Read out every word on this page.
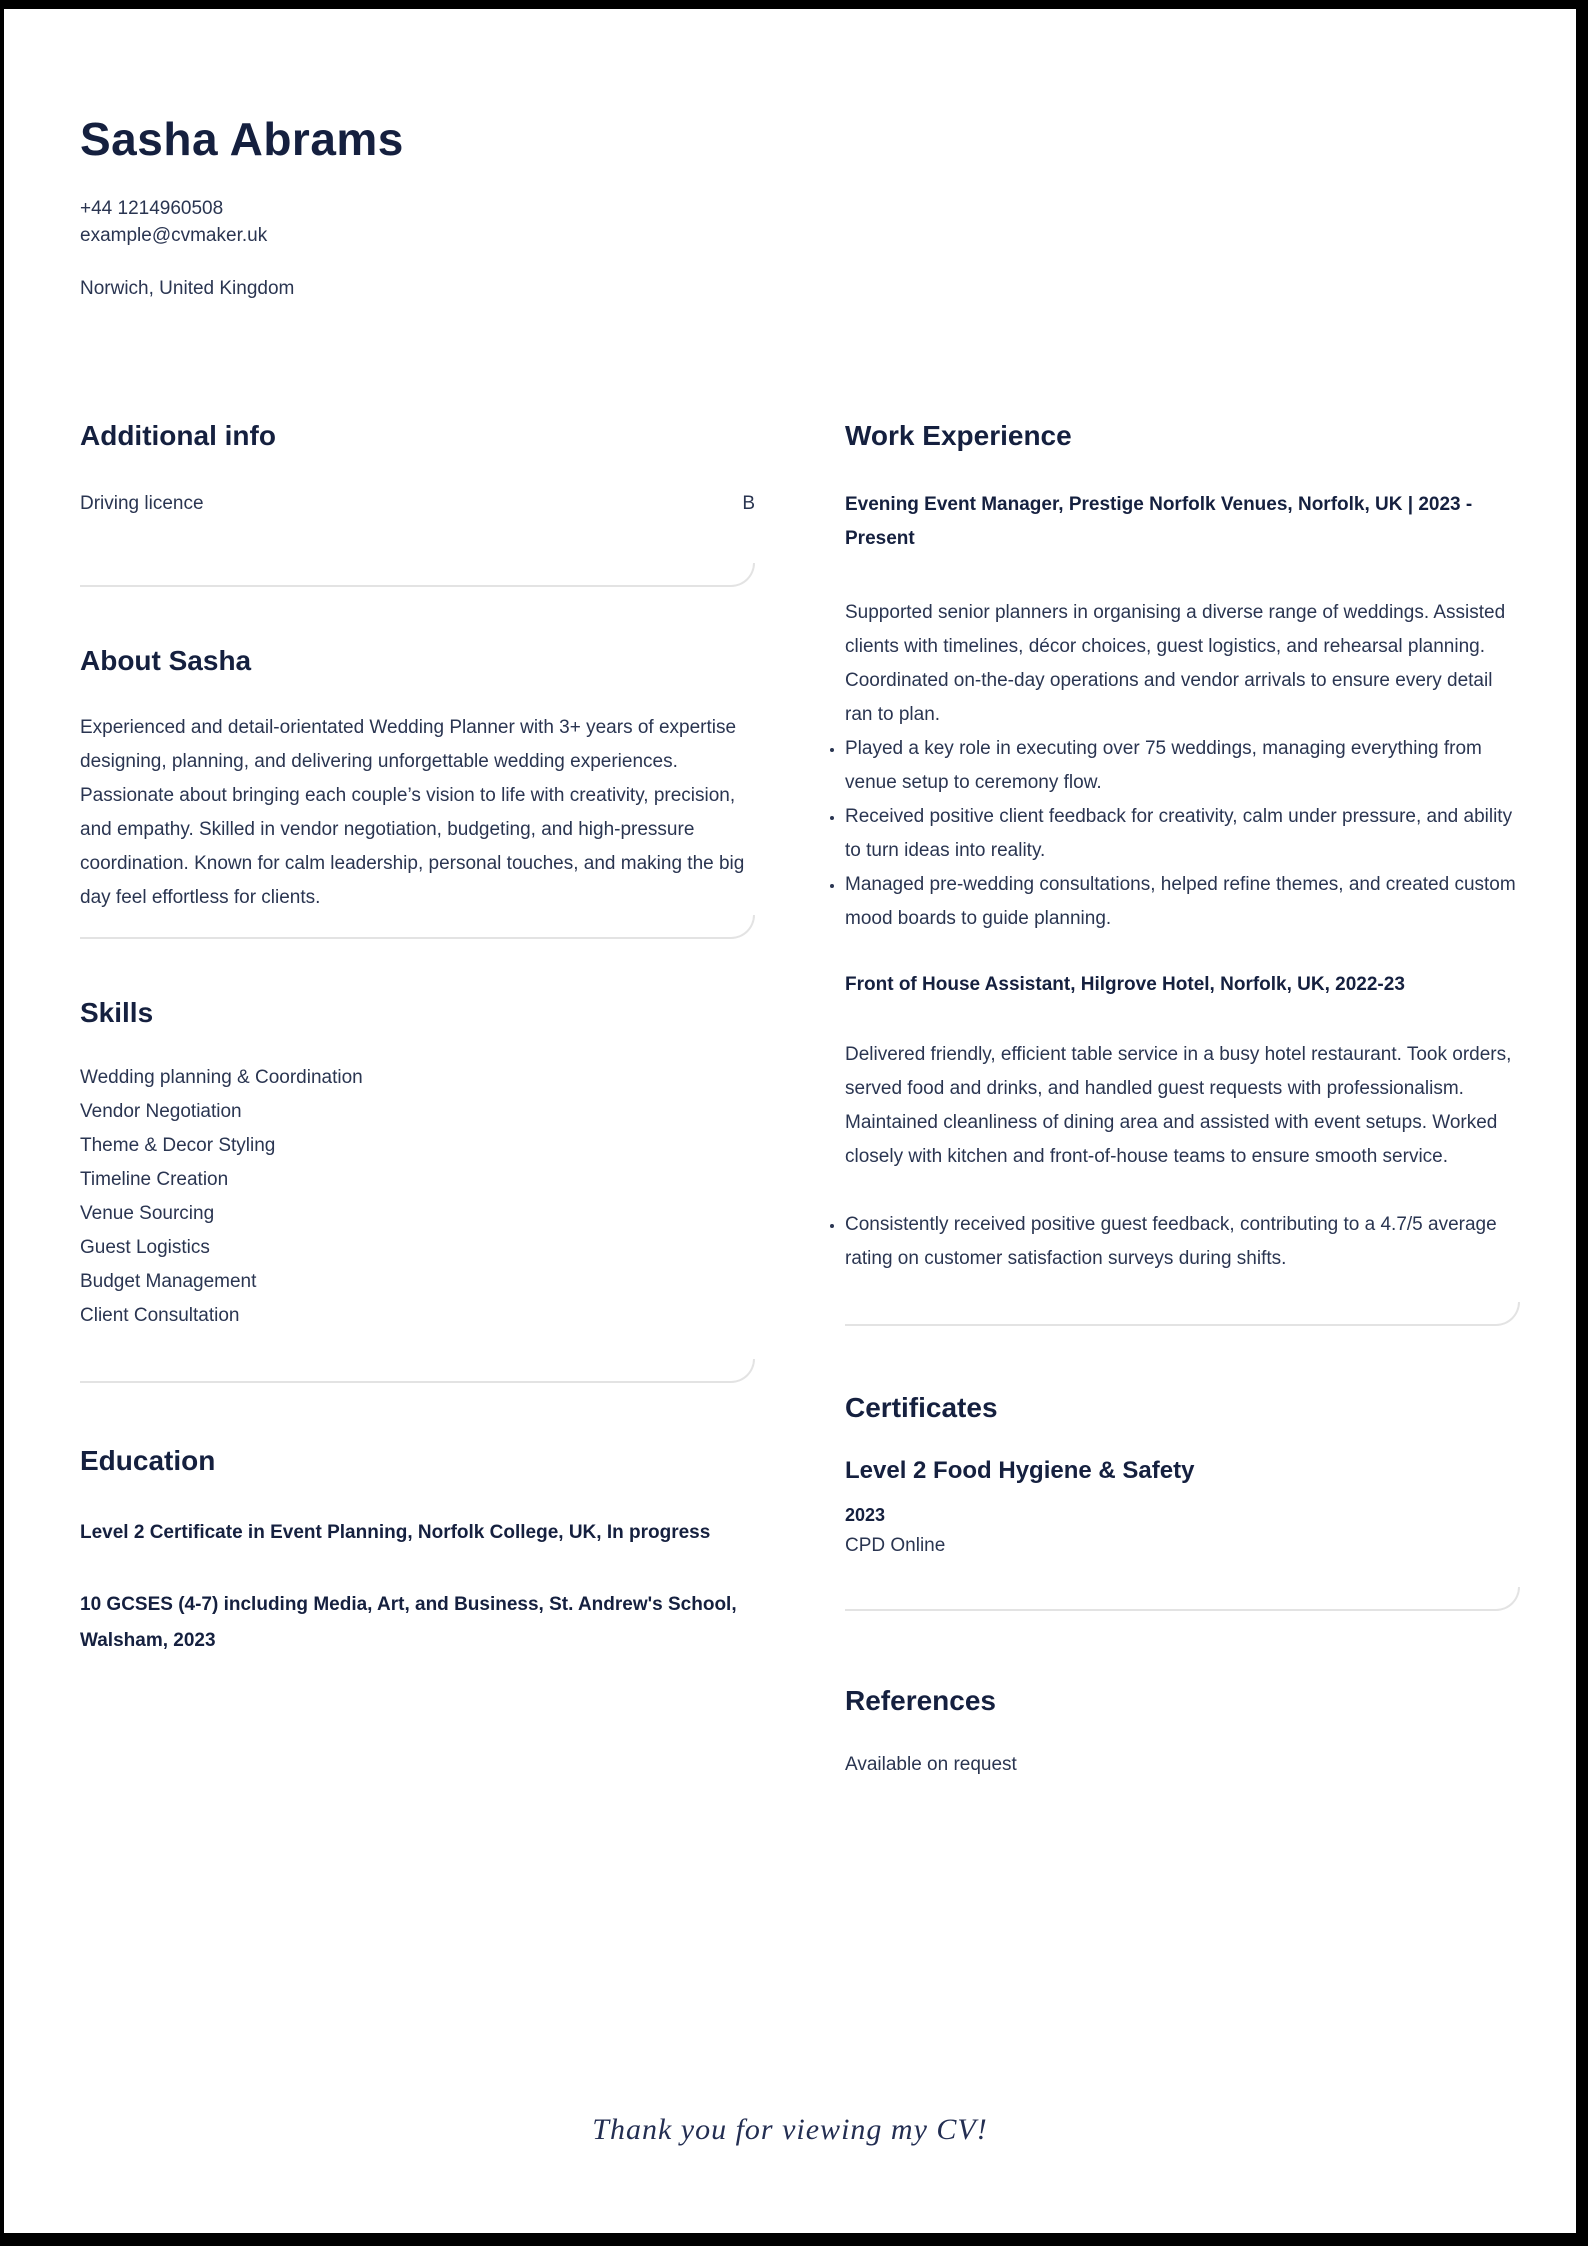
Sasha Abrams
+44 1214960508
example@cvmaker.uk
Norwich, United Kingdom
Additional info
Driving licence	B
About Sasha

Experienced and detail-orientated Wedding Planner with 3+ years of expertise designing, planning, and delivering unforgettable wedding experiences. Passionate about bringing each couple’s vision to life with creativity, precision, and empathy. Skilled in vendor negotiation, budgeting, and high-pressure coordination. Known for calm leadership, personal touches, and making the big day feel effortless for clients.

Skills
Wedding planning & Coordination
Vendor Negotiation
Theme & Decor Styling
Timeline Creation
Venue Sourcing
Guest Logistics
Budget Management
Client Consultation
Education
Level 2 Certificate in Event Planning, Norfolk College, UK, In progress
10 GCSES (4-7) including Media, Art, and Business, St. Andrew's School, Walsham, 2023
Work Experience
Evening Event Manager, Prestige Norfolk Venues, Norfolk, UK | 2023 - Present

Supported senior planners in organising a diverse range of weddings. Assisted clients with timelines, décor choices, guest logistics, and rehearsal planning. Coordinated on-the-day operations and vendor arrivals to ensure every detail ran to plan.

• Played a key role in executing over 75 weddings, managing everything from venue setup to ceremony flow.
• Received positive client feedback for creativity, calm under pressure, and ability to turn ideas into reality.
• Managed pre-wedding consultations, helped refine themes, and created custom mood boards to guide planning.
Front of House Assistant, Hilgrove Hotel, Norfolk, UK, 2022-23

Delivered friendly, efficient table service in a busy hotel restaurant. Took orders, served food and drinks, and handled guest requests with professionalism. Maintained cleanliness of dining area and assisted with event setups. Worked closely with kitchen and front-of-house teams to ensure smooth service.

• Consistently received positive guest feedback, contributing to a 4.7/5 average rating on customer satisfaction surveys during shifts.
Certificates
Level 2 Food Hygiene & Safety
2023
CPD Online
References

Available on request

Thank you for viewing my CV!
